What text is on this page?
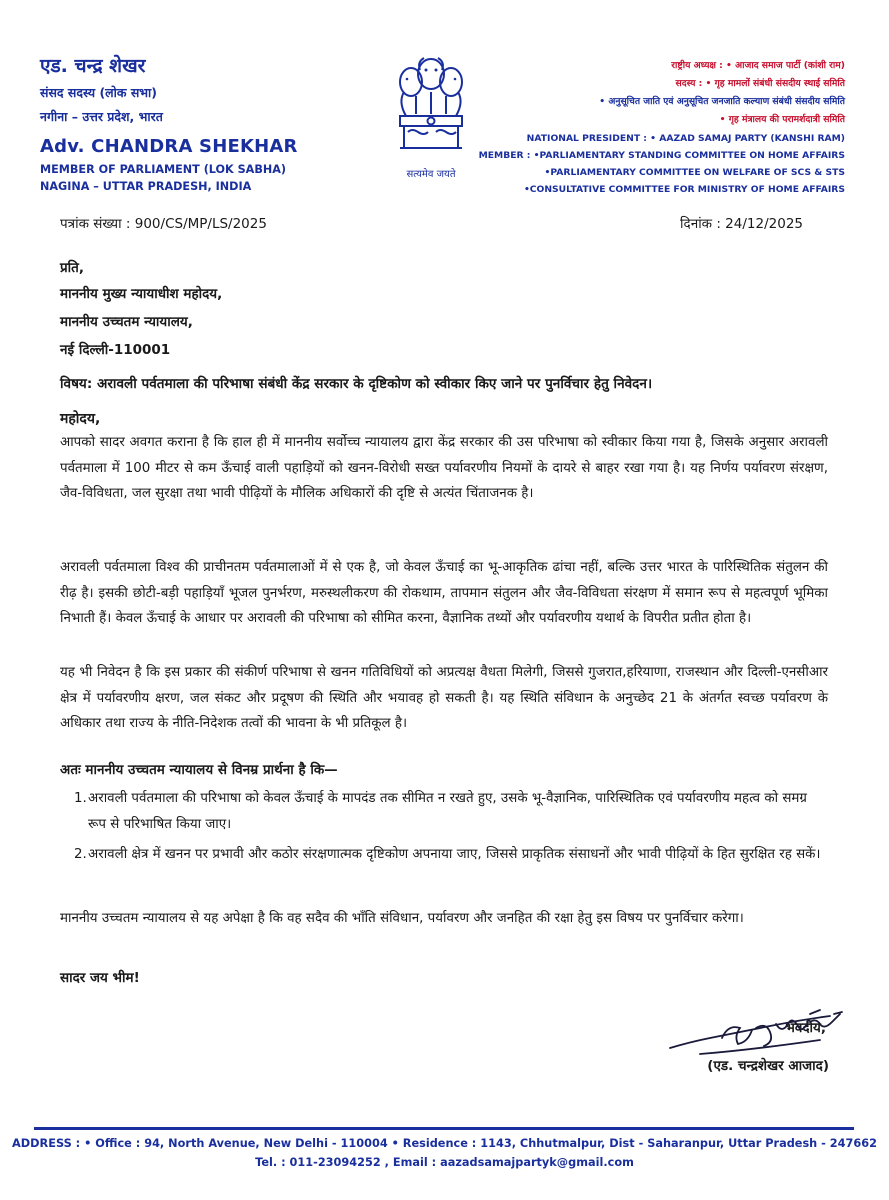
एड. चन्द्र शेखर
संसद सदस्य (लोक सभा)
नगीना – उत्तर प्रदेश, भारत
Adv. CHANDRA SHEKHAR
MEMBER OF PARLIAMENT (LOK SABHA)
NAGINA – UTTAR PRADESH, INDIA
सत्यमेव जयते
राष्ट्रीय अध्यक्ष : • आजाद समाज पार्टी (कांशी राम)
सदस्य : • गृह मामलों संबंधी संसदीय स्थाई समिति
• अनुसूचित जाति एवं अनुसूचित जनजाति कल्याण संबंधी संसदीय समिति
• गृह मंत्रालय की परामर्शदात्री समिति
NATIONAL PRESIDENT : • AAZAD SAMAJ PARTY (KANSHI RAM)
MEMBER : •PARLIAMENTARY STANDING COMMITTEE ON HOME AFFAIRS
•PARLIAMENTARY COMMITTEE ON WELFARE OF SCS & STS
•CONSULTATIVE COMMITTEE FOR MINISTRY OF HOME AFFAIRS
पत्रांक संख्या : 900/CS/MP/LS/2025	दिनांक : 24/12/2025
प्रति,
माननीय मुख्य न्यायाधीश महोदय,
माननीय उच्चतम न्यायालय,
नई दिल्ली-110001
विषय: अरावली पर्वतमाला की परिभाषा संबंधी केंद्र सरकार के दृष्टिकोण को स्वीकार किए जाने पर पुनर्विचार हेतु निवेदन।
महोदय,
आपको सादर अवगत कराना है कि हाल ही में माननीय सर्वोच्च न्यायालय द्वारा केंद्र सरकार की उस परिभाषा को स्वीकार किया गया है, जिसके अनुसार अरावली पर्वतमाला में 100 मीटर से कम ऊँचाई वाली पहाड़ियों को खनन-विरोधी सख्त पर्यावरणीय नियमों के दायरे से बाहर रखा गया है। यह निर्णय पर्यावरण संरक्षण, जैव-विविधता, जल सुरक्षा तथा भावी पीढ़ियों के मौलिक अधिकारों की दृष्टि से अत्यंत चिंताजनक है।
अरावली पर्वतमाला विश्व की प्राचीनतम पर्वतमालाओं में से एक है, जो केवल ऊँचाई का भू-आकृतिक ढांचा नहीं, बल्कि उत्तर भारत के पारिस्थितिक संतुलन की रीढ़ है। इसकी छोटी-बड़ी पहाड़ियाँ भूजल पुनर्भरण, मरुस्थलीकरण की रोकथाम, तापमान संतुलन और जैव-विविधता संरक्षण में समान रूप से महत्वपूर्ण भूमिका निभाती हैं। केवल ऊँचाई के आधार पर अरावली की परिभाषा को सीमित करना, वैज्ञानिक तथ्यों और पर्यावरणीय यथार्थ के विपरीत प्रतीत होता है।
यह भी निवेदन है कि इस प्रकार की संकीर्ण परिभाषा से खनन गतिविधियों को अप्रत्यक्ष वैधता मिलेगी, जिससे गुजरात,हरियाणा, राजस्थान और दिल्ली-एनसीआर क्षेत्र में पर्यावरणीय क्षरण, जल संकट और प्रदूषण की स्थिति और भयावह हो सकती है। यह स्थिति संविधान के अनुच्छेद 21 के अंतर्गत स्वच्छ पर्यावरण के अधिकार तथा राज्य के नीति-निदेशक तत्वों की भावना के भी प्रतिकूल है।
अतः माननीय उच्चतम न्यायालय से विनम्र प्रार्थना है कि—
1. अरावली पर्वतमाला की परिभाषा को केवल ऊँचाई के मापदंड तक सीमित न रखते हुए, उसके भू-वैज्ञानिक, पारिस्थितिक एवं पर्यावरणीय महत्व को समग्र रूप से परिभाषित किया जाए।
2. अरावली क्षेत्र में खनन पर प्रभावी और कठोर संरक्षणात्मक दृष्टिकोण अपनाया जाए, जिससे प्राकृतिक संसाधनों और भावी पीढ़ियों के हित सुरक्षित रह सकें।
माननीय उच्चतम न्यायालय से यह अपेक्षा है कि वह सदैव की भाँति संविधान, पर्यावरण और जनहित की रक्षा हेतु इस विषय पर पुनर्विचार करेगा।
सादर जय भीम!
भवदीय,
(एड. चन्द्रशेखर आजाद)
ADDRESS : • Office : 94, North Avenue, New Delhi - 110004 • Residence : 1143, Chhutmalpur, Dist - Saharanpur, Uttar Pradesh - 247662
Tel. : 011-23094252 , Email : aazadsamajpartyk@gmail.com
